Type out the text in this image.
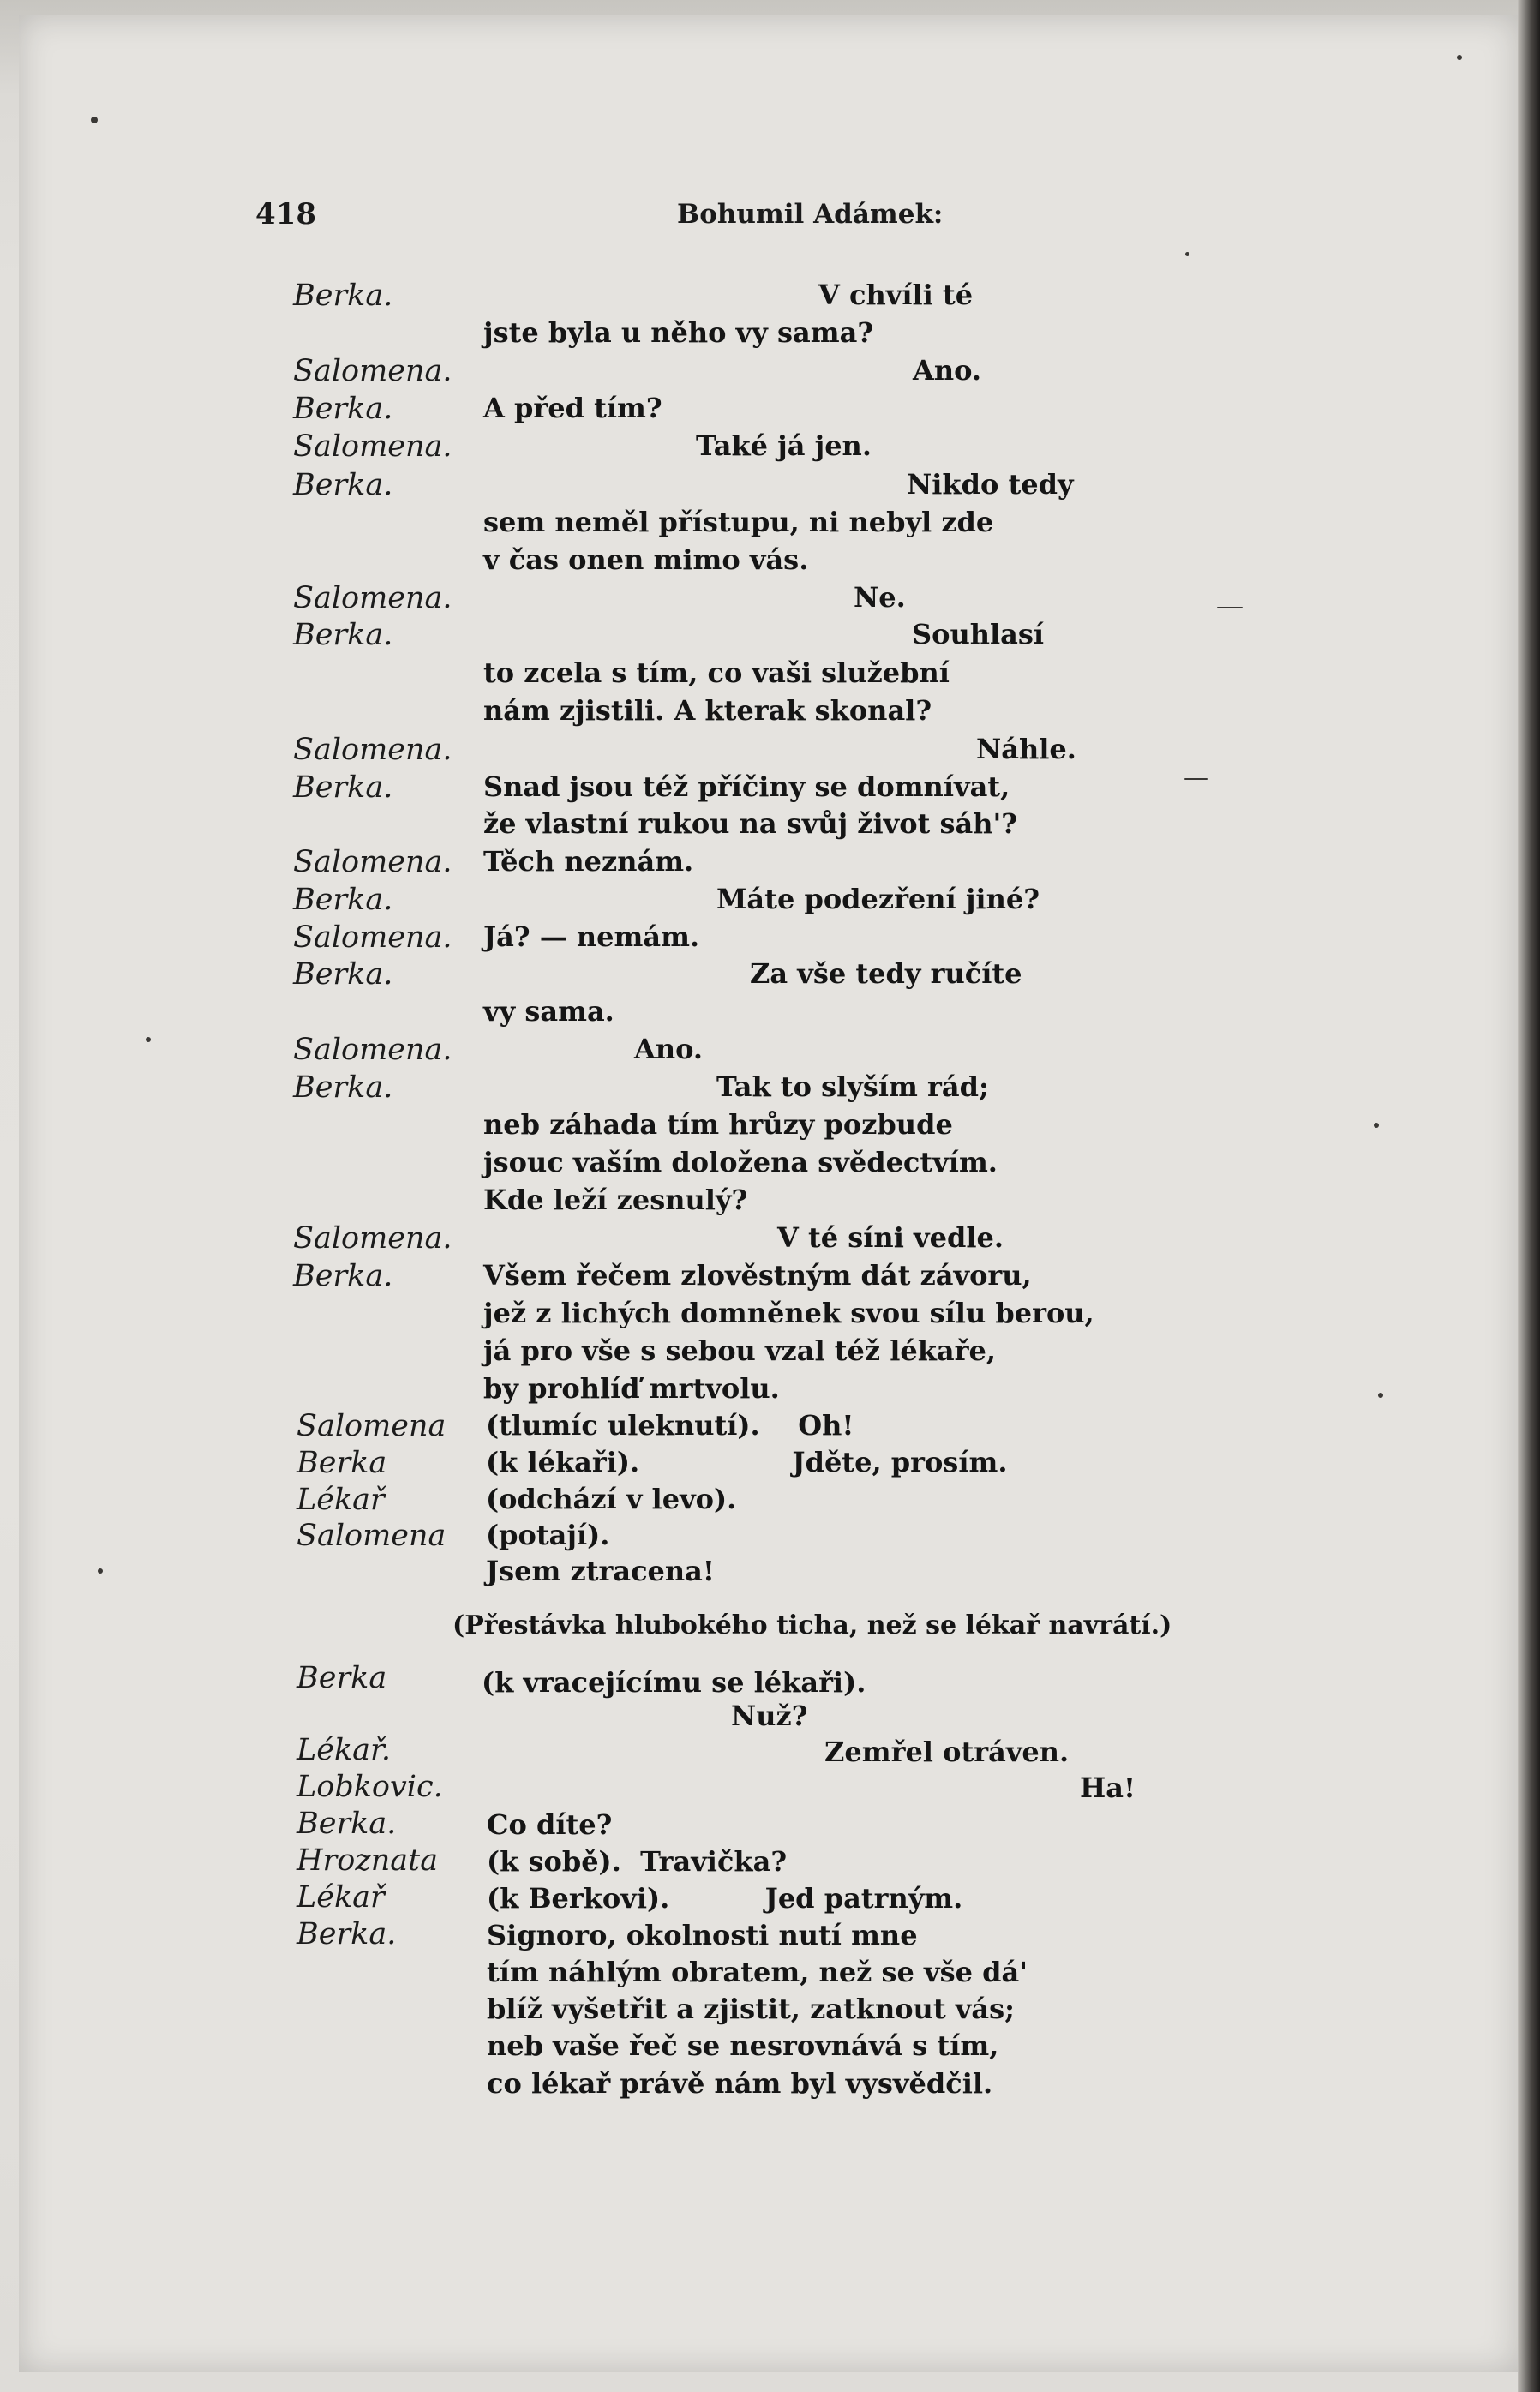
418	Bohumil Adámek:
Berka.	V chvíli té
jste byla u něho vy sama?
Salomena.	Ano.
Berka.	A před tím?
Salomena.	Také já jen.
Berka.	Nikdo tedy
sem neměl přístupu, ni nebyl zde
v čas onen mimo vás.
Salomena.	Ne.
Berka.	Souhlasí
to zcela s tím, co vaši služební
nám zjistili. A kterak skonal?
Salomena.	Náhle.
Berka.	Snad jsou též příčiny se domnívat,
že vlastní rukou na svůj život sáh'?
Salomena. Těch neznám.
Berka.	Máte podezření jiné?
Salomena. Já? — nemám.
Berka.	Za vše tedy ručíte
vy sama.
Salomena.	Ano.
Berka.	Tak to slyším rád;
neb záhada tím hrůzy pozbude
jsouc vaším doložena svědectvím.
Kde leží zesnulý?
Salomena.	V té síni vedle.
Berka.	Všem řečem zlověstným dát závoru,
jež z lichých domněnek svou sílu berou,
já pro vše s sebou vzal též lékaře,
by prohlíď mrtvolu.
Salomena (tlumíc uleknutí).    Oh!
Berka	(k lékaři).                Jděte, prosím.
Lékař	(odchází v levo).
Salomena (potají).
Jsem ztracena!
(Přestávka hlubokého ticha, než se lékař navrátí.)
Berka	(k vracejícímu se lékaři).
Nuž?
Lékař.	Zemřel otráven.
Lobkovic.	Ha!
Berka.	Co díte?
Hroznata (k sobě).  Travička?
Lékař	(k Berkovi).          Jed patrným.
Berka.	Signoro, okolnosti nutí mne
tím náhlým obratem, než se vše dá'
blíž vyšetřit a zjistit, zatknout vás;
neb vaše řeč se nesrovnává s tím,
co lékař právě nám byl vysvědčil.
